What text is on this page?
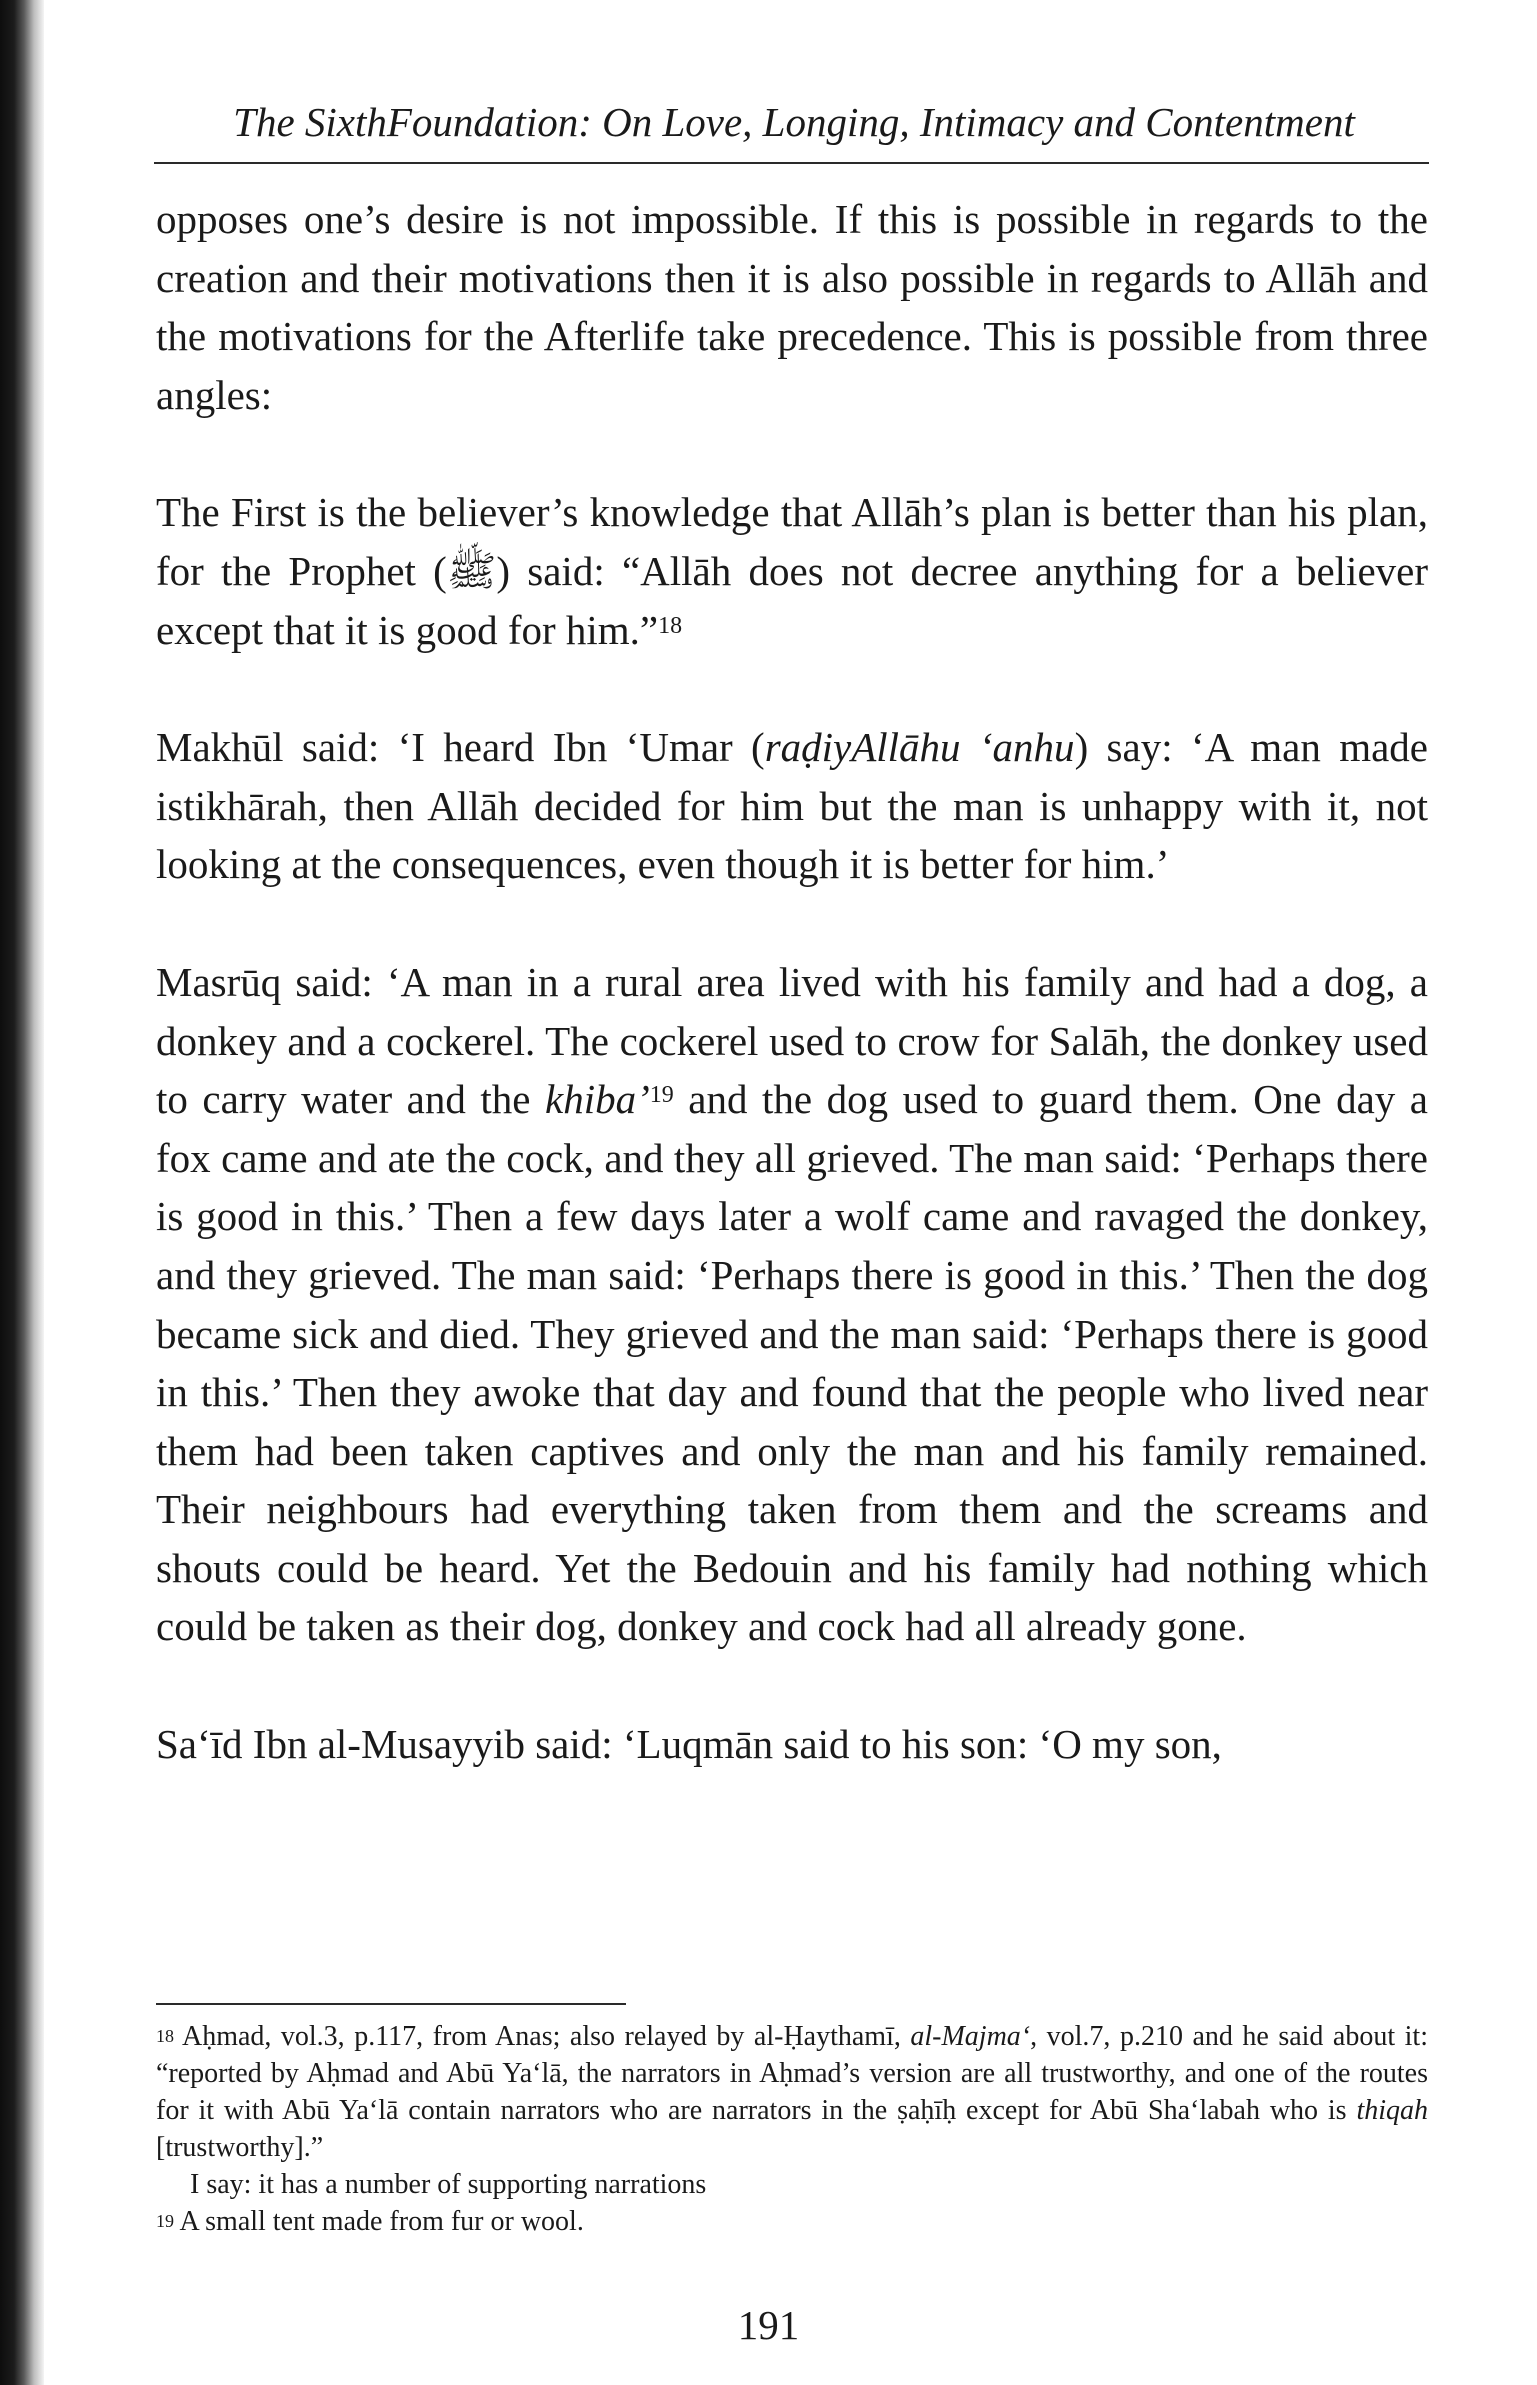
The SixthFoundation: On Love, Longing, Intimacy and Contentment

opposes one’s desire is not impossible. If this is possible in regards to the creation and their motivations then it is also possible in regards to Allāh and the motivations for the Afterlife take precedence. This is possible from three angles:

The First is the believer’s knowledge that Allāh’s plan is better than his plan, for the Prophet (ﷺ) said: “Allāh does not decree anything for a believer except that it is good for him.”$^{18}$

Makhūl said: ‘I heard Ibn ‘Umar (raḍiyAllāhu ‘anhu) say: ‘A man made istikhārah, then Allāh decided for him but the man is unhappy with it, not looking at the consequences, even though it is better for him.’

Masrūq said: ‘A man in a rural area lived with his family and had a dog, a donkey and a cockerel. The cockerel used to crow for Salāh, the donkey used to carry water and the khiba’$^{19}$ and the dog used to guard them. One day a fox came and ate the cock, and they all grieved. The man said: ‘Perhaps there is good in this.’ Then a few days later a wolf came and ravaged the donkey, and they grieved. The man said: ‘Perhaps there is good in this.’ Then the dog became sick and died. They grieved and the man said: ‘Perhaps there is good in this.’ Then they awoke that day and found that the people who lived near them had been taken captives and only the man and his family remained. Their neighbours had everything taken from them and the screams and shouts could be heard. Yet the Bedouin and his family had nothing which could be taken as their dog, donkey and cock had all already gone.

Sa‘īd Ibn al-Musayyib said: ‘Luqmān said to his son: ‘O my son,

$^{18}$ Aḥmad, vol.3, p.117, from Anas; also relayed by al-Ḥaythamī, al-Majma‘, vol.7, p.210 and he said about it: “reported by Aḥmad and Abū Ya‘lā, the narrators in Aḥmad’s version are all trustworthy, and one of the routes for it with Abū Ya‘lā contain narrators who are narrators in the ṣaḥīḥ except for Abū Sha‘labah who is thiqah [trustworthy].”

I say: it has a number of supporting narrations

$^{19}$ A small tent made from fur or wool.

191
